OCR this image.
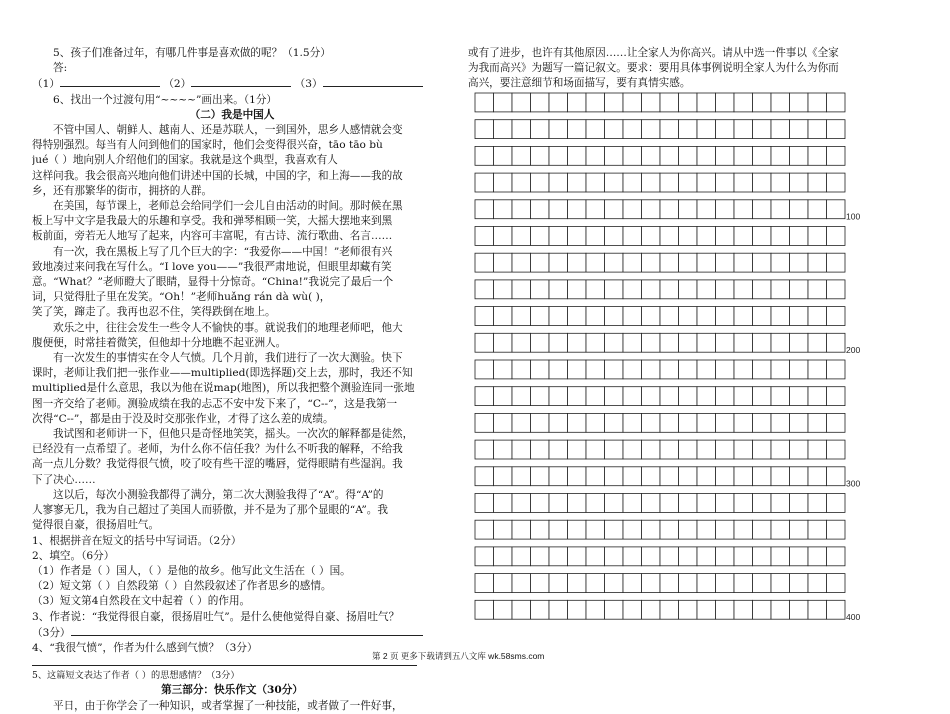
5、孩子们准备过年，有哪几件事是喜欢做的呢？（1.5分）
答:
（1）	（2）	（3）
6、找出一个过渡句用“~~~~”画出来。（1分）
（二）我是中国人
不管中国人、朝鲜人、越南人、还是苏联人，一到国外，思乡人感情就会变
得特别强烈。每当有人问到他们的国家时，他们会变得很兴奋，tāo tāo bù
jué（ ）地向别人介绍他们的国家。我就是这个典型，我喜欢有人
这样问我。我会很高兴地向他们讲述中国的长城，中国的字，和上海——我的故
乡，还有那繁华的街市，拥挤的人群。
在美国，每节课上，老师总会给同学们一会儿自由活动的时间。那时候在黑
板上写中文字是我最大的乐趣和享受。我和弹琴相顾一笑，大摇大摆地来到黑
板前面，旁若无人地写了起来，内容可丰富呢，有古诗、流行歌曲、名言……
有一次，我在黑板上写了几个巨大的字：“我爱你——中国！”老师很有兴
致地凑过来问我在写什么。“I love you——”我很严肃地说，但眼里却藏有笑
意。“What？”老师瞪大了眼睛，显得十分惊奇。“China!”我说完了最后一个
词，只觉得肚子里在发笑。“Oh！”老师huǎng rán dà wù( )，
笑了笑，蹿走了。我再也忍不住，笑得跌倒在地上。
欢乐之中，往往会发生一些令人不愉快的事。就说我们的地理老师吧，他大
腹便便，时常挂着微笑，但他却十分地瞧不起亚洲人。
有一次发生的事情实在令人气愤。几个月前，我们进行了一次大测验。快下
课时，老师让我们把一张作业——multiplied(即选择题)交上去，那时，我还不知
multiplied是什么意思，我以为他在说map(地图)，所以我把整个测验连同一张地
图一齐交给了老师。测验成绩在我的忐忑不安中发下来了，“C--”，这是我第一
次得“C--”，都是由于没及时交那张作业，才得了这么差的成绩。
我试图和老师讲一下，但他只是奇怪地笑笑，摇头。一次次的解释都是徒然，
已经没有一点希望了。老师，为什么你不信任我？为什么不听我的解释，不给我
高一点儿分数？我觉得很气愤，咬了咬有些干涩的嘴唇，觉得眼睛有些湿润。我
下了决心……
这以后，每次小测验我都得了满分，第二次大测验我得了“A”。得“A”的
人寥寥无几，我为自己超过了美国人而骄傲，并不是为了那个显眼的“A”。我
觉得很自豪，很扬眉吐气。
1、根据拼音在短文的括号中写词语。（2分）
2、填空。（6分）
（1）作者是（ ）国人，（ ）是他的故乡。他写此文生活在（ ）国。
（2）短文第（ ）自然段第（ ）自然段叙述了作者思乡的感情。
（3）短文第4自然段在文中起着（ ）的作用。
3、作者说：“我觉得很自豪，很扬眉吐气”。是什么使他觉得自豪、扬眉吐气？
（3分）
4、“我很气愤”，作者为什么感到气愤？（3分）
5、这篇短文表达了作者（ ）的思想感情？（3分）
第三部分：快乐作文（30分）
平日，由于你学会了一种知识，或者掌握了一种技能，或者做了一件好事，
或有了进步，也许有其他原因……让全家人为你高兴。请从中选一件事以《全家
为我而高兴》为题写一篇记叙文。要求：要用具体事例说明全家人为什么为你而
高兴，要注意细节和场面描写，要有真情实感。
100
200
300
400
第 2 页 更多下载请到五八文库 wk.58sms.com
